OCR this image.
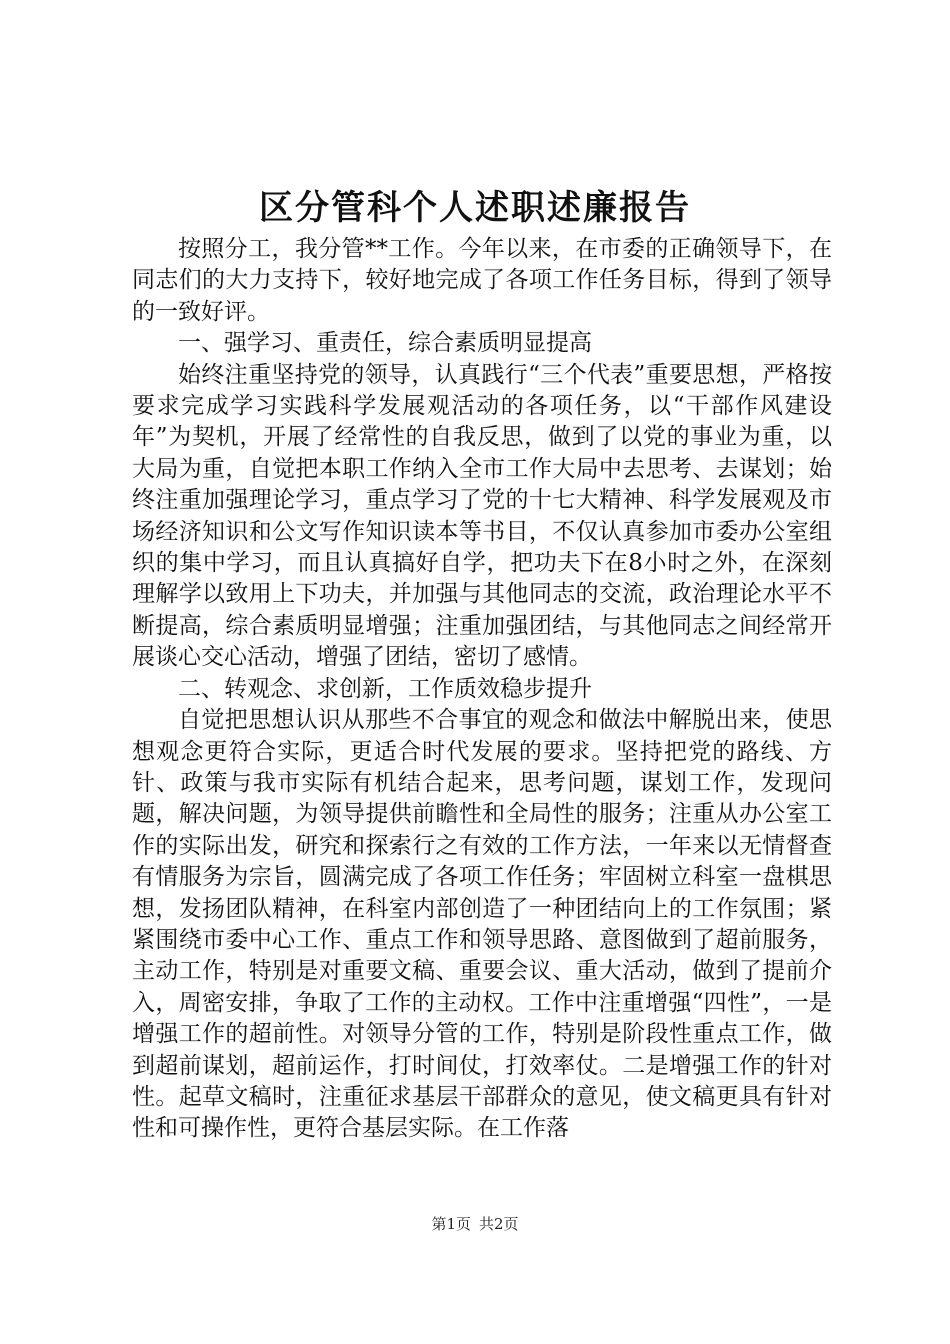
区分管科个人述职述廉报告

按照分工，我分管**工作。今年以来，在市委的正确领导下，在同志们的大力支持下，较好地完成了各项工作任务目标，得到了领导的一致好评。

一、强学习、重责任，综合素质明显提高

始终注重坚持党的领导，认真践行“三个代表”重要思想，严格按要求完成学习实践科学发展观活动的各项任务，以“干部作风建设年”为契机，开展了经常性的自我反思，做到了以党的事业为重，以大局为重，自觉把本职工作纳入全市工作大局中去思考、去谋划；始终注重加强理论学习，重点学习了党的十七大精神、科学发展观及市场经济知识和公文写作知识读本等书目，不仅认真参加市委办公室组织的集中学习，而且认真搞好自学，把功夫下在8小时之外，在深刻理解学以致用上下功夫，并加强与其他同志的交流，政治理论水平不断提高，综合素质明显增强；注重加强团结，与其他同志之间经常开展谈心交心活动，增强了团结，密切了感情。

二、转观念、求创新，工作质效稳步提升

自觉把思想认识从那些不合事宜的观念和做法中解脱出来，使思想观念更符合实际，更适合时代发展的要求。坚持把党的路线、方针、政策与我市实际有机结合起来，思考问题，谋划工作，发现问题，解决问题，为领导提供前瞻性和全局性的服务；注重从办公室工作的实际出发，研究和探索行之有效的工作方法，一年来以无情督查有情服务为宗旨，圆满完成了各项工作任务；牢固树立科室一盘棋思想，发扬团队精神，在科室内部创造了一种团结向上的工作氛围；紧紧围绕市委中心工作、重点工作和领导思路、意图做到了超前服务，主动工作，特别是对重要文稿、重要会议、重大活动，做到了提前介入，周密安排，争取了工作的主动权。工作中注重增强“四性”，一是增强工作的超前性。对领导分管的工作，特别是阶段性重点工作，做到超前谋划，超前运作，打时间仗，打效率仗。二是增强工作的针对性。起草文稿时，注重征求基层干部群众的意见，使文稿更具有针对性和可操作性，更符合基层实际。在工作落

第1页 共2页
